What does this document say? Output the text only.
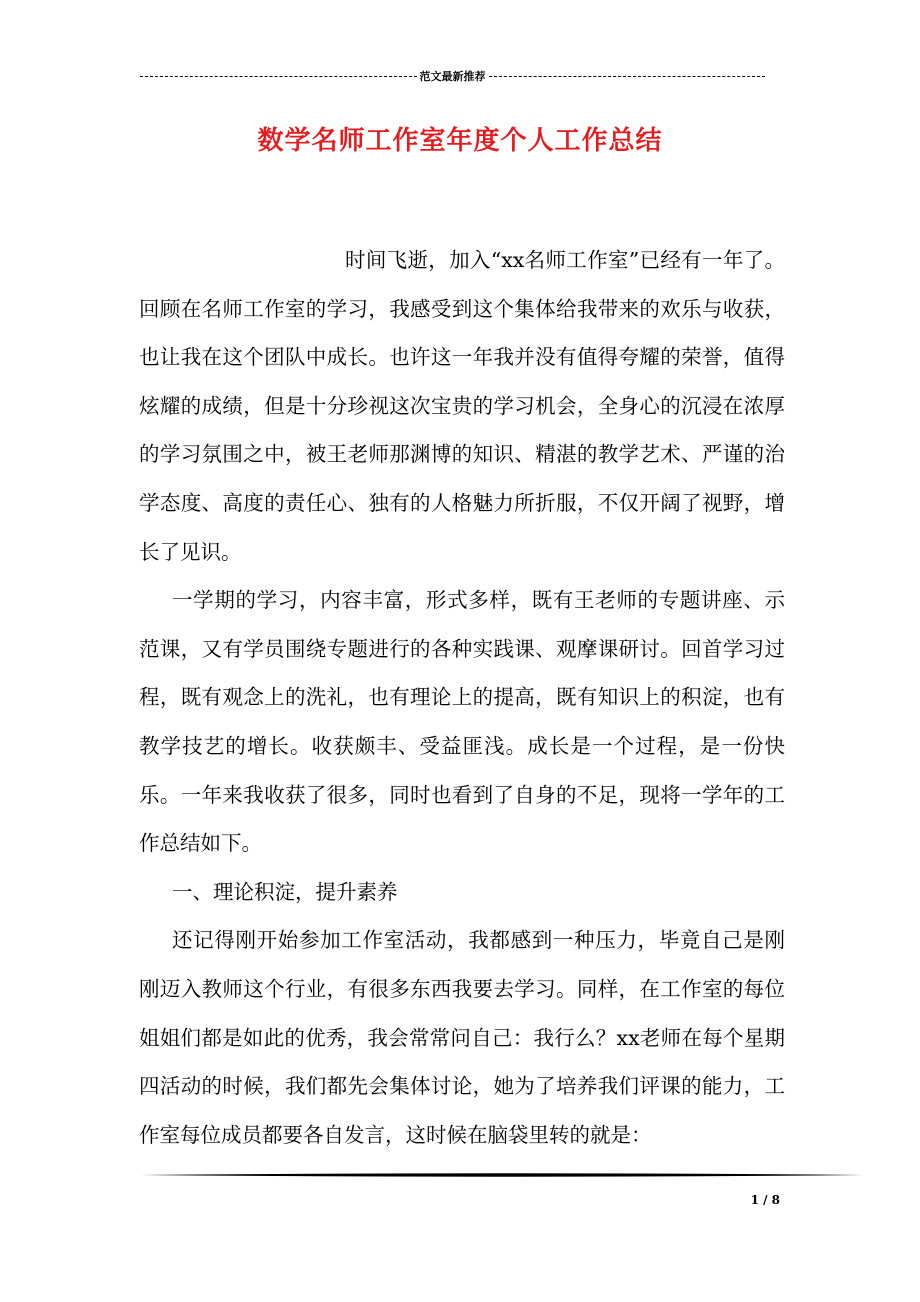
范文最新推荐
数学名师工作室年度个人工作总结

时间飞逝，加入“xx名师工作室”已经有一年了。回顾在名师工作室的学习，我感受到这个集体给我带来的欢乐与收获，也让我在这个团队中成长。也许这一年我并没有值得夸耀的荣誉，值得炫耀的成绩，但是十分珍视这次宝贵的学习机会，全身心的沉浸在浓厚的学习氛围之中，被王老师那渊博的知识、精湛的教学艺术、严谨的治学态度、高度的责任心、独有的人格魅力所折服，不仅开阔了视野，增长了见识。

一学期的学习，内容丰富，形式多样，既有王老师的专题讲座、示范课，又有学员围绕专题进行的各种实践课、观摩课研讨。回首学习过程，既有观念上的洗礼，也有理论上的提高，既有知识上的积淀，也有教学技艺的增长。收获颇丰、受益匪浅。成长是一个过程，是一份快乐。一年来我收获了很多，同时也看到了自身的不足，现将一学年的工作总结如下。

一、理论积淀，提升素养

还记得刚开始参加工作室活动，我都感到一种压力，毕竟自己是刚刚迈入教师这个行业，有很多东西我要去学习。同样，在工作室的每位姐姐们都是如此的优秀，我会常常问自己：我行么？xx老师在每个星期四活动的时候，我们都先会集体讨论，她为了培养我们评课的能力，工作室每位成员都要各自发言，这时候在脑袋里转的就是：

1 / 8
